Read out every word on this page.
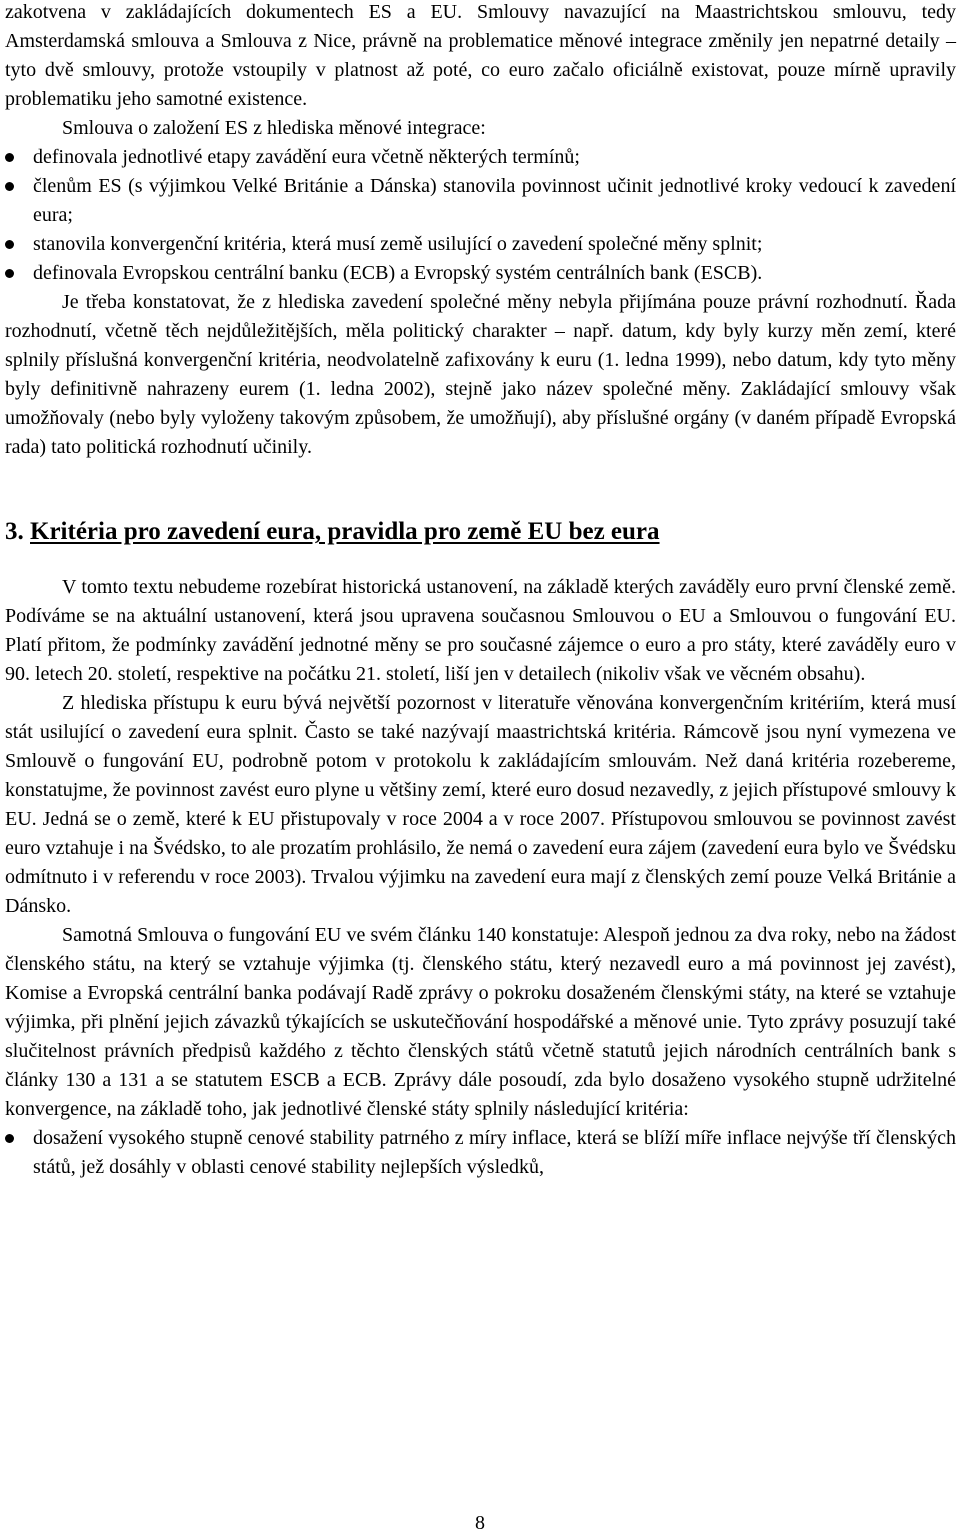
zakotvena v zakládajících dokumentech ES a EU. Smlouvy navazující na Maastrichtskou smlouvu, tedy Amsterdamská smlouva a Smlouva z Nice, právně na problematice měnové integrace změnily jen nepatrné detaily – tyto dvě smlouvy, protože vstoupily v platnost až poté, co euro začalo oficiálně existovat, pouze mírně upravily problematiku jeho samotné existence.

Smlouva o založení ES z hlediska měnové integrace:

definovala jednotlivé etapy zavádění eura včetně některých termínů;
členům ES (s výjimkou Velké Británie a Dánska) stanovila povinnost učinit jednotlivé kroky vedoucí k zavedení eura;
stanovila konvergenční kritéria, která musí země usilující o zavedení společné měny splnit;
definovala Evropskou centrální banku (ECB) a Evropský systém centrálních bank (ESCB).

Je třeba konstatovat, že z hlediska zavedení společné měny nebyla přijímána pouze právní rozhodnutí. Řada rozhodnutí, včetně těch nejdůležitějších, měla politický charakter – např. datum, kdy byly kurzy měn zemí, které splnily příslušná konvergenční kritéria, neodvolatelně zafixovány k euru (1. ledna 1999), nebo datum, kdy tyto měny byly definitivně nahrazeny eurem (1. ledna 2002), stejně jako název společné měny. Zakládající smlouvy však umožňovaly (nebo byly vyloženy takovým způsobem, že umožňují), aby příslušné orgány (v daném případě Evropská rada) tato politická rozhodnutí učinily.

3. Kritéria pro zavedení eura, pravidla pro země EU bez eura

V tomto textu nebudeme rozebírat historická ustanovení, na základě kterých zaváděly euro první členské země. Podíváme se na aktuální ustanovení, která jsou upravena současnou Smlouvou o EU a Smlouvou o fungování EU. Platí přitom, že podmínky zavádění jednotné měny se pro současné zájemce o euro a pro státy, které zaváděly euro v 90. letech 20. století, respektive na počátku 21. století, liší jen v detailech (nikoliv však ve věcném obsahu).

Z hlediska přístupu k euru bývá největší pozornost v literatuře věnována konvergenčním kritériím, která musí stát usilující o zavedení eura splnit. Často se také nazývají maastrichtská kritéria. Rámcově jsou nyní vymezena ve Smlouvě o fungování EU, podrobně potom v protokolu k zakládajícím smlouvám. Než daná kritéria rozebereme, konstatujme, že povinnost zavést euro plyne u většiny zemí, které euro dosud nezavedly, z jejich přístupové smlouvy k EU. Jedná se o země, které k EU přistupovaly v roce 2004 a v roce 2007. Přístupovou smlouvou se povinnost zavést euro vztahuje i na Švédsko, to ale prozatím prohlásilo, že nemá o zavedení eura zájem (zavedení eura bylo ve Švédsku odmítnuto i v referendu v roce 2003). Trvalou výjimku na zavedení eura mají z členských zemí pouze Velká Británie a Dánsko.

Samotná Smlouva o fungování EU ve svém článku 140 konstatuje: Alespoň jednou za dva roky, nebo na žádost členského státu, na který se vztahuje výjimka (tj. členského státu, který nezavedl euro a má povinnost jej zavést), Komise a Evropská centrální banka podávají Radě zprávy o pokroku dosaženém členskými státy, na které se vztahuje výjimka, při plnění jejich závazků týkajících se uskutečňování hospodářské a měnové unie. Tyto zprávy posuzují také slučitelnost právních předpisů každého z těchto členských států včetně statutů jejich národních centrálních bank s články 130 a 131 a se statutem ESCB a ECB. Zprávy dále posoudí, zda bylo dosaženo vysokého stupně udržitelné konvergence, na základě toho, jak jednotlivé členské státy splnily následující kritéria:

dosažení vysokého stupně cenové stability patrného z míry inflace, která se blíží míře inflace nejvýše tří členských států, jež dosáhly v oblasti cenové stability nejlepších výsledků,
8
